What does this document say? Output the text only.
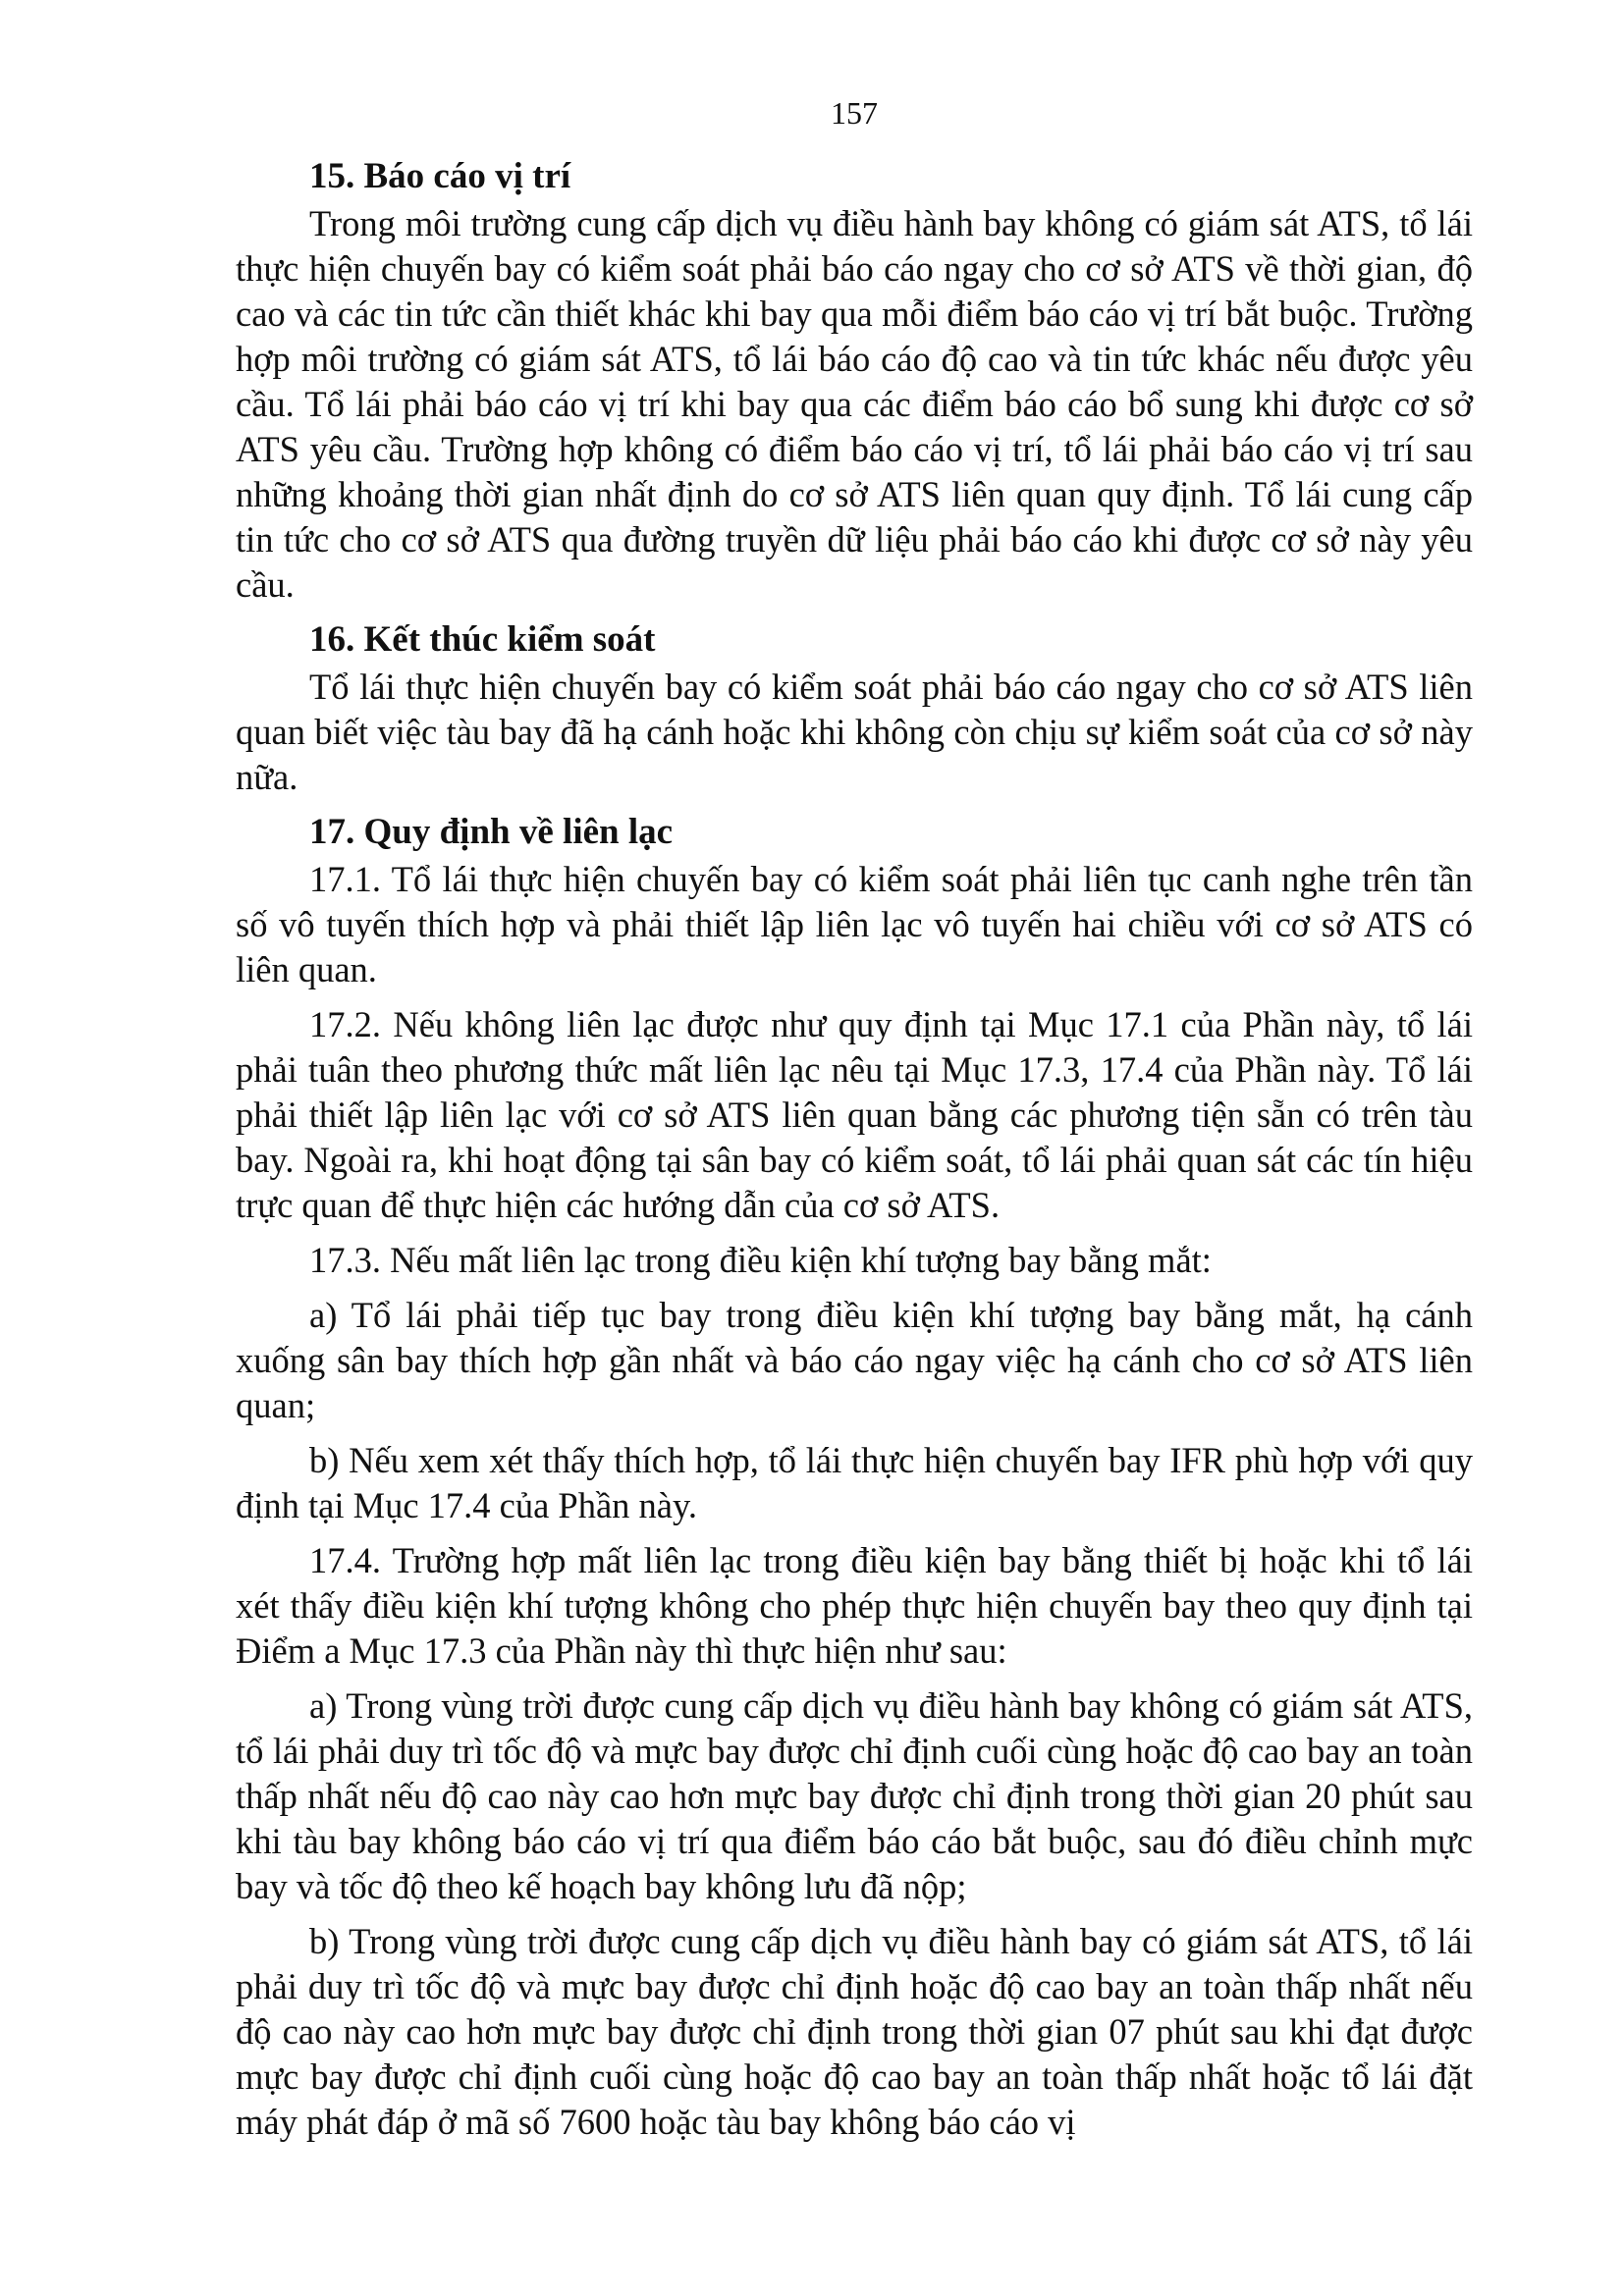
157
15. Báo cáo vị trí
Trong môi trường cung cấp dịch vụ điều hành bay không có giám sát ATS, tổ lái thực hiện chuyến bay có kiểm soát phải báo cáo ngay cho cơ sở ATS về thời gian, độ cao và các tin tức cần thiết khác khi bay qua mỗi điểm báo cáo vị trí bắt buộc. Trường hợp môi trường có giám sát ATS, tổ lái báo cáo độ cao và tin tức khác nếu được yêu cầu. Tổ lái phải báo cáo vị trí khi bay qua các điểm báo cáo bổ sung khi được cơ sở ATS yêu cầu. Trường hợp không có điểm báo cáo vị trí, tổ lái phải báo cáo vị trí sau những khoảng thời gian nhất định do cơ sở ATS liên quan quy định. Tổ lái cung cấp tin tức cho cơ sở ATS qua đường truyền dữ liệu phải báo cáo khi được cơ sở này yêu cầu.
16. Kết thúc kiểm soát
Tổ lái thực hiện chuyến bay có kiểm soát phải báo cáo ngay cho cơ sở ATS liên quan biết việc tàu bay đã hạ cánh hoặc khi không còn chịu sự kiểm soát của cơ sở này nữa.
17. Quy định về liên lạc
17.1. Tổ lái thực hiện chuyến bay có kiểm soát phải liên tục canh nghe trên tần số vô tuyến thích hợp và phải thiết lập liên lạc vô tuyến hai chiều với cơ sở ATS có liên quan.
17.2. Nếu không liên lạc được như quy định tại Mục 17.1 của Phần này, tổ lái phải tuân theo phương thức mất liên lạc nêu tại Mục 17.3, 17.4 của Phần này. Tổ lái phải thiết lập liên lạc với cơ sở ATS liên quan bằng các phương tiện sẵn có trên tàu bay. Ngoài ra, khi hoạt động tại sân bay có kiểm soát, tổ lái phải quan sát các tín hiệu trực quan để thực hiện các hướng dẫn của cơ sở ATS.
17.3. Nếu mất liên lạc trong điều kiện khí tượng bay bằng mắt:
a) Tổ lái phải tiếp tục bay trong điều kiện khí tượng bay bằng mắt, hạ cánh xuống sân bay thích hợp gần nhất và báo cáo ngay việc hạ cánh cho cơ sở ATS liên quan;
b) Nếu xem xét thấy thích hợp, tổ lái thực hiện chuyến bay IFR phù hợp với quy định tại Mục 17.4 của Phần này.
17.4. Trường hợp mất liên lạc trong điều kiện bay bằng thiết bị hoặc khi tổ lái xét thấy điều kiện khí tượng không cho phép thực hiện chuyến bay theo quy định tại Điểm a Mục 17.3 của Phần này thì thực hiện như sau:
a) Trong vùng trời được cung cấp dịch vụ điều hành bay không có giám sát ATS, tổ lái phải duy trì tốc độ và mực bay được chỉ định cuối cùng hoặc độ cao bay an toàn thấp nhất nếu độ cao này cao hơn mực bay được chỉ định trong thời gian 20 phút sau khi tàu bay không báo cáo vị trí qua điểm báo cáo bắt buộc, sau đó điều chỉnh mực bay và tốc độ theo kế hoạch bay không lưu đã nộp;
b) Trong vùng trời được cung cấp dịch vụ điều hành bay có giám sát ATS, tổ lái phải duy trì tốc độ và mực bay được chỉ định hoặc độ cao bay an toàn thấp nhất nếu độ cao này cao hơn mực bay được chỉ định trong thời gian 07 phút sau khi đạt được mực bay được chỉ định cuối cùng hoặc độ cao bay an toàn thấp nhất hoặc tổ lái đặt máy phát đáp ở mã số 7600 hoặc tàu bay không báo cáo vị
